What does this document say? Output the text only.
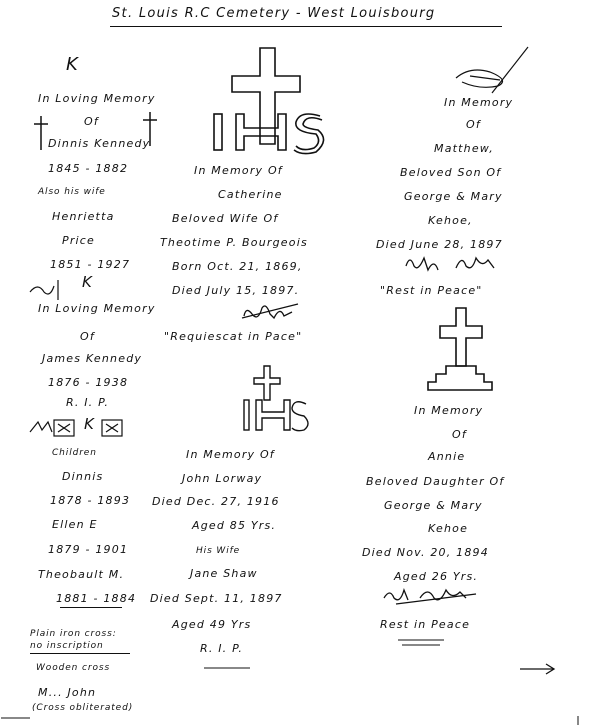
St. Louis R.C Cemetery - West Louisbourg
K
In Loving Memory
Of
Dinnis Kennedy
1845 - 1882
Also his wife
Henrietta
Price
1851 - 1927
K
In Loving Memory
Of
James Kennedy
1876 - 1938
R. I. P.
K
Children
Dinnis
1878 - 1893
Ellen E
1879 - 1901
Theobault M.
1881 - 1884
Plain iron cross:
no inscription
Wooden cross
M... John
(Cross obliterated)
In Memory Of
Catherine
Beloved Wife Of
Theotime P. Bourgeois
Born Oct. 21, 1869,
Died July 15, 1897.
"Requiescat in Pace"
In Memory Of
John Lorway
Died Dec. 27, 1916
Aged 85 Yrs.
His Wife
Jane Shaw
Died Sept. 11, 1897
Aged 49 Yrs
R. I. P.
In Memory
Of
Matthew,
Beloved Son Of
George & Mary
Kehoe,
Died June 28, 1897
"Rest in Peace"
In Memory
Of
Annie
Beloved Daughter Of
George & Mary
Kehoe
Died Nov. 20, 1894
Aged 26 Yrs.
Rest in Peace
